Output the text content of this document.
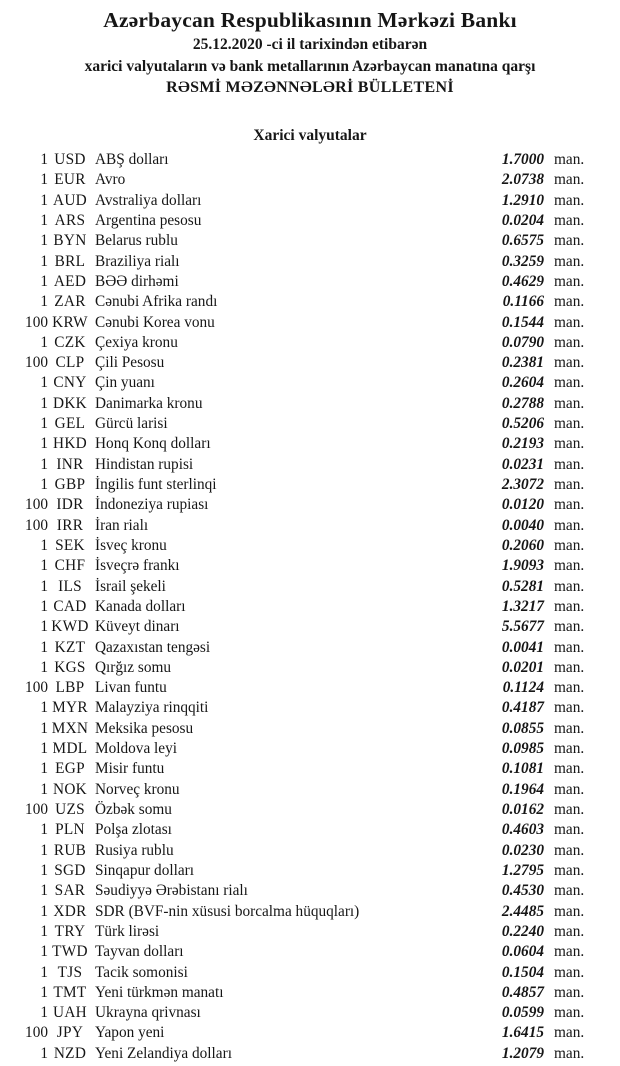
Azərbaycan Respublikasının Mərkəzi Bankı

25.12.2020 -ci il tarixindən etibarən

xarici valyutaların və bank metallarının Azərbaycan manatına qarşı

RƏSMİ MƏZƏNNƏLƏRİ BÜLLETENİ

Xarici valyutalar
1 USD ABŞ dolları	1.7000 man.
1 EUR Avro	2.0738 man.
1 AUD Avstraliya dolları	1.2910 man.
1 ARS Argentina pesosu	0.0204 man.
1 BYN Belarus rublu	0.6575 man.
1 BRL Braziliya rialı	0.3259 man.
1 AED BƏƏ dirhəmi	0.4629 man.
1 ZAR Cənubi Afrika randı	0.1166 man.
100 KRW Cənubi Korea vonu	0.1544 man.
1 CZK Çexiya kronu	0.0790 man.
100 CLP Çili Pesosu	0.2381 man.
1 CNY Çin yuanı	0.2604 man.
1 DKK Danimarka kronu	0.2788 man.
1 GEL Gürcü larisi	0.5206 man.
1 HKD Honq Konq dolları	0.2193 man.
1 INR Hindistan rupisi	0.0231 man.
1 GBP İngilis funt sterlinqi	2.3072 man.
100 IDR İndoneziya rupiası	0.0120 man.
100 IRR İran rialı	0.0040 man.
1 SEK İsveç kronu	0.2060 man.
1 CHF İsveçrə frankı	1.9093 man.
1 ILS İsrail şekeli	0.5281 man.
1 CAD Kanada dolları	1.3217 man.
1 KWD Küveyt dinarı	5.5677 man.
1 KZT Qazaxıstan tengəsi	0.0041 man.
1 KGS Qırğız somu	0.0201 man.
100 LBP Livan funtu	0.1124 man.
1 MYR Malayziya rinqqiti	0.4187 man.
1 MXN Meksika pesosu	0.0855 man.
1 MDL Moldova leyi	0.0985 man.
1 EGP Misir funtu	0.1081 man.
1 NOK Norveç kronu	0.1964 man.
100 UZS Özbək somu	0.0162 man.
1 PLN Polşa zlotası	0.4603 man.
1 RUB Rusiya rublu	0.0230 man.
1 SGD Sinqapur dolları	1.2795 man.
1 SAR Səudiyyə Ərəbistanı rialı	0.4530 man.
1 XDR SDR (BVF-nin xüsusi borcalma hüquqları)	2.4485 man.
1 TRY Türk lirəsi	0.2240 man.
1 TWD Tayvan dolları	0.0604 man.
1 TJS Tacik somonisi	0.1504 man.
1 TMT Yeni türkmən manatı	0.4857 man.
1 UAH Ukrayna qrivnası	0.0599 man.
100 JPY Yapon yeni	1.6415 man.
1 NZD Yeni Zelandiya dolları	1.2079 man.
